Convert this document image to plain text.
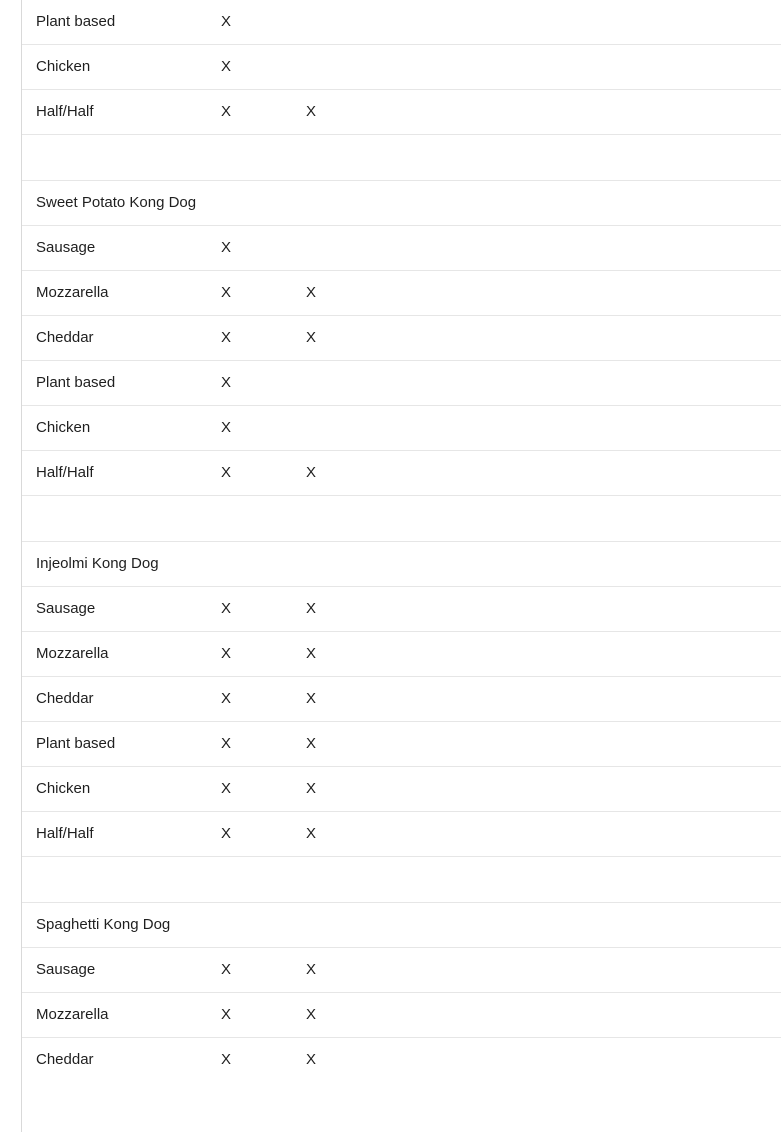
Plant based	X		
Chicken	X		
Half/Half	X	X	

Sweet Potato Kong Dog			
Sausage	X		
Mozzarella	X	X	
Cheddar	X	X	
Plant based	X		
Chicken	X		
Half/Half	X	X	

Injeolmi Kong Dog			
Sausage	X	X	
Mozzarella	X	X	
Cheddar	X	X	
Plant based	X	X	
Chicken	X	X	
Half/Half	X	X	

Spaghetti Kong Dog			
Sausage	X	X	
Mozzarella	X	X	
Cheddar	X	X	
